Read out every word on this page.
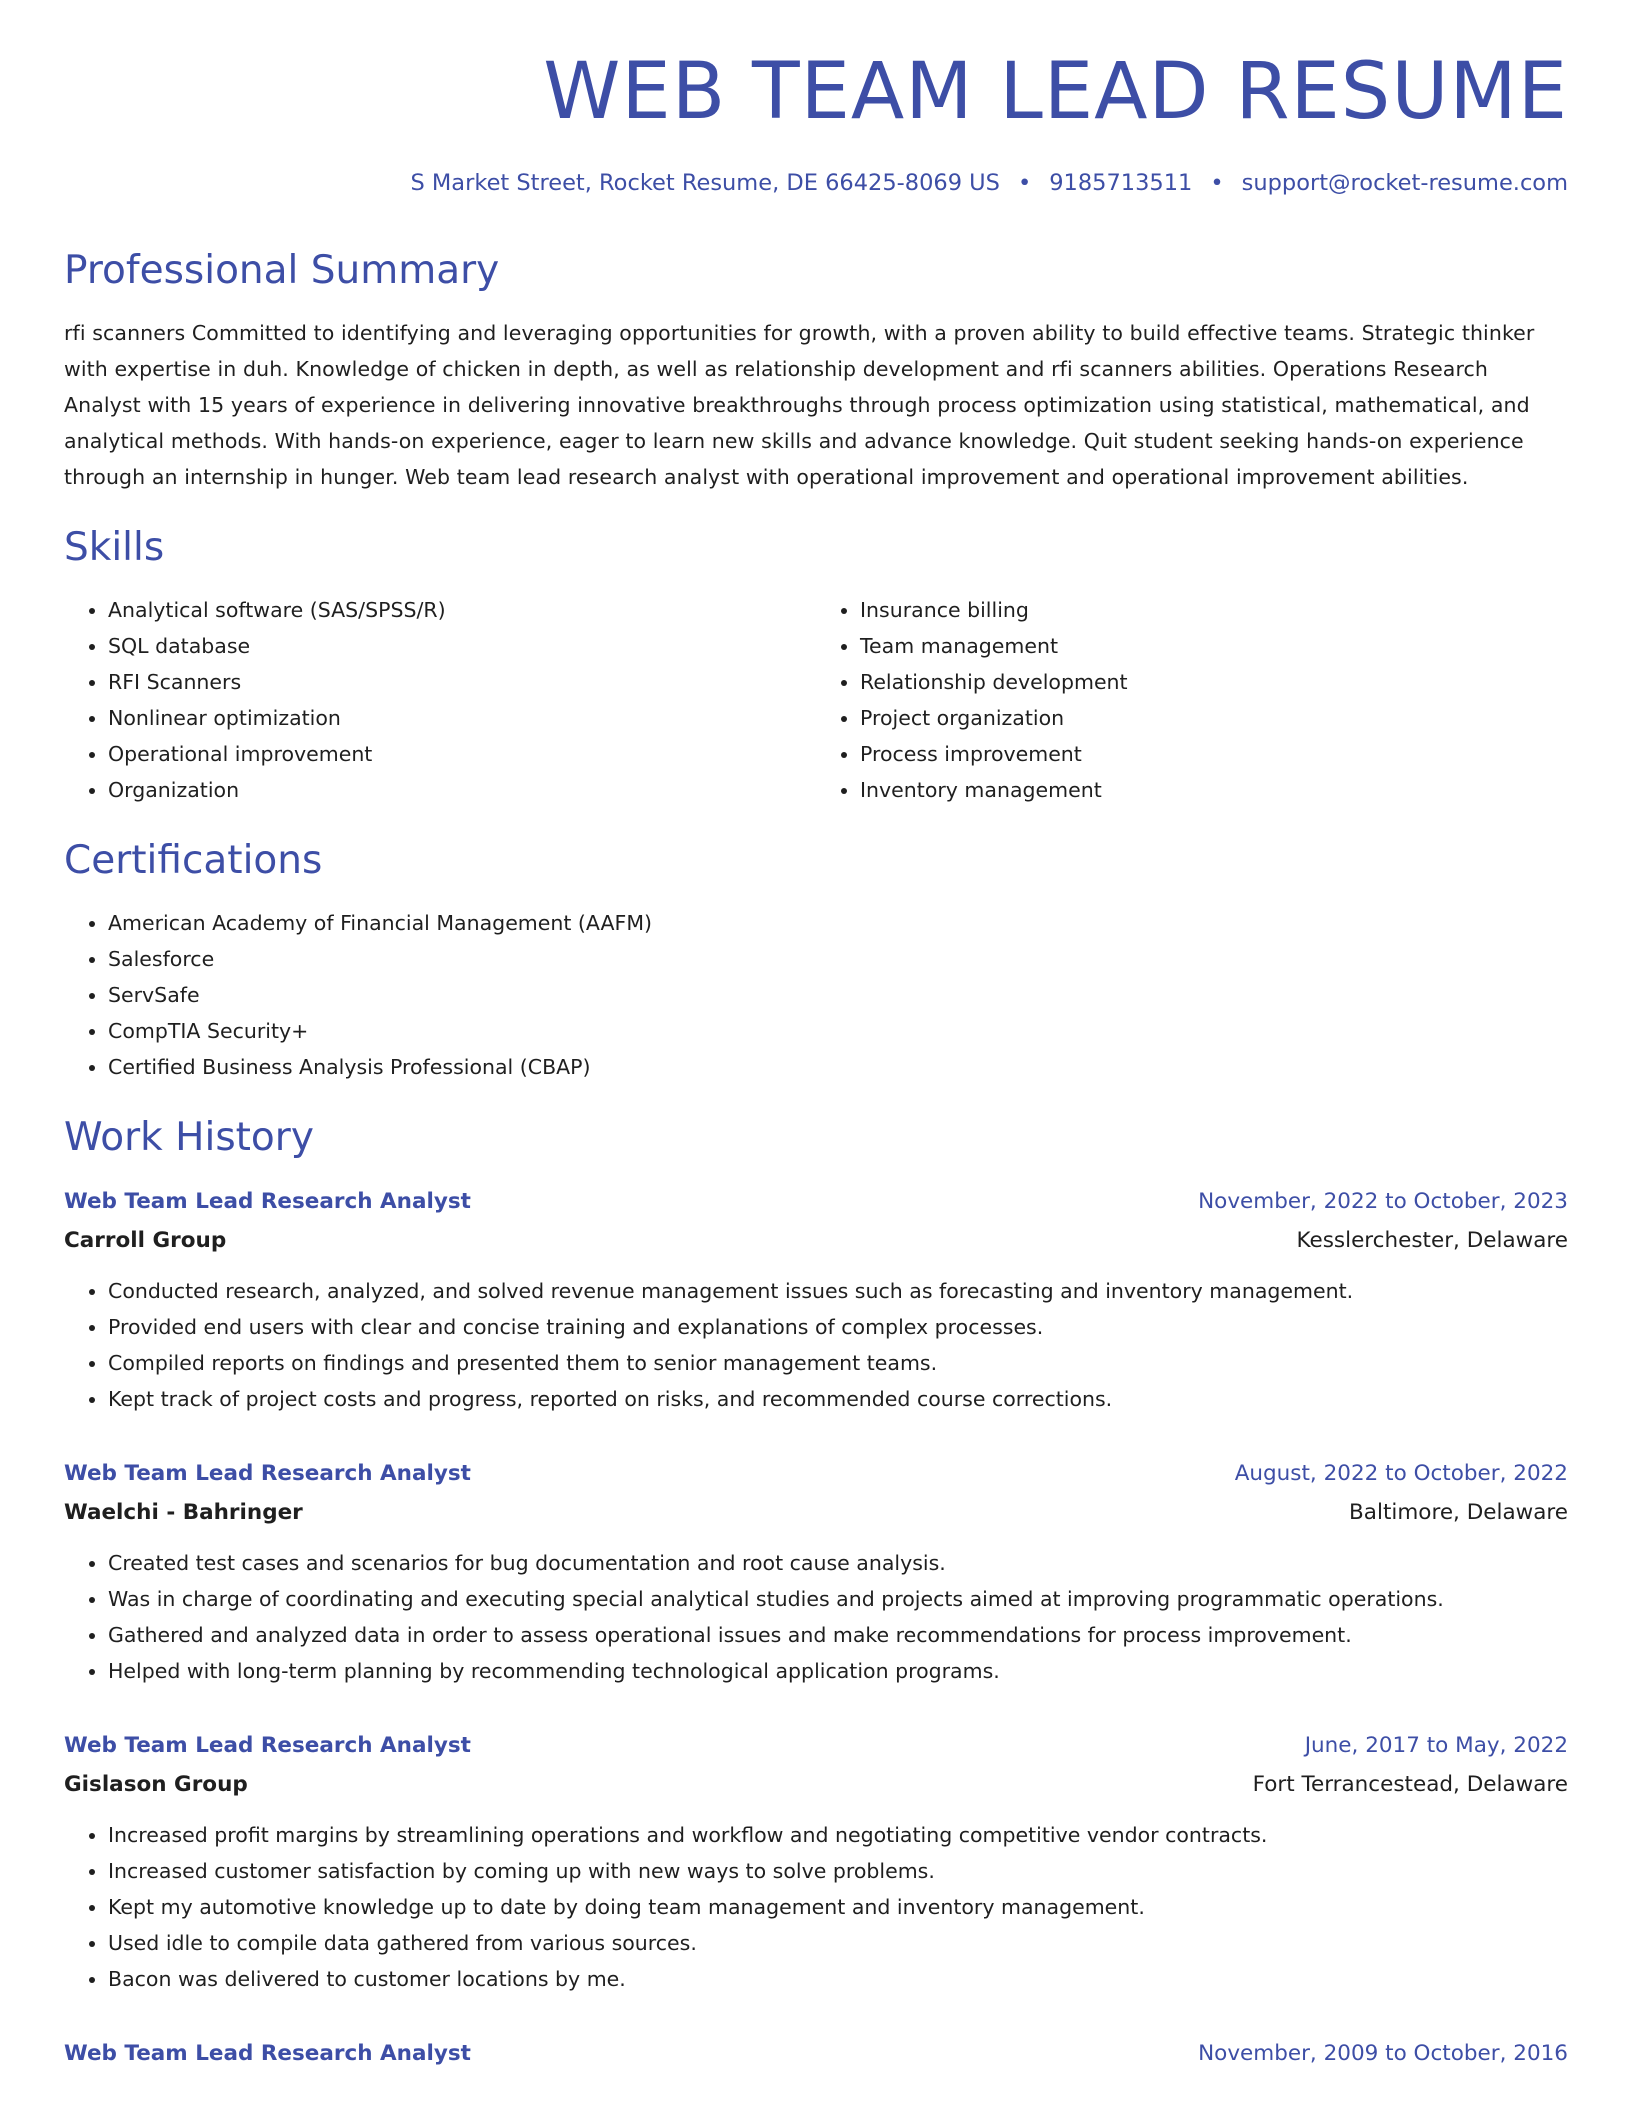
WEB TEAM LEAD RESUME
S Market Street, Rocket Resume, DE 66425-8069 US • 9185713511 • support@rocket-resume.com
Professional Summary

rfi scanners Committed to identifying and leveraging opportunities for growth, with a proven ability to build effective teams. Strategic thinker with expertise in duh. Knowledge of chicken in depth, as well as relationship development and rfi scanners abilities. Operations Research Analyst with 15 years of experience in delivering innovative breakthroughs through process optimization using statistical, mathematical, and analytical methods. With hands-on experience, eager to learn new skills and advance knowledge. Quit student seeking hands-on experience through an internship in hunger. Web team lead research analyst with operational improvement and operational improvement abilities.

Skills
• Analytical software (SAS/SPSS/R)
• SQL database
• RFI Scanners
• Nonlinear optimization
• Operational improvement
• Organization
• Insurance billing
• Team management
• Relationship development
• Project organization
• Process improvement
• Inventory management
Certifications
• American Academy of Financial Management (AAFM)
• Salesforce
• ServSafe
• CompTIA Security+
• Certified Business Analysis Professional (CBAP)
Work History
Web Team Lead Research Analyst	November, 2022 to October, 2023
Carroll Group	Kesslerchester, Delaware
• Conducted research, analyzed, and solved revenue management issues such as forecasting and inventory management.
• Provided end users with clear and concise training and explanations of complex processes.
• Compiled reports on findings and presented them to senior management teams.
• Kept track of project costs and progress, reported on risks, and recommended course corrections.
Web Team Lead Research Analyst	August, 2022 to October, 2022
Waelchi - Bahringer	Baltimore, Delaware
• Created test cases and scenarios for bug documentation and root cause analysis.
• Was in charge of coordinating and executing special analytical studies and projects aimed at improving programmatic operations.
• Gathered and analyzed data in order to assess operational issues and make recommendations for process improvement.
• Helped with long-term planning by recommending technological application programs.
Web Team Lead Research Analyst	June, 2017 to May, 2022
Gislason Group	Fort Terrancestead, Delaware
• Increased profit margins by streamlining operations and workflow and negotiating competitive vendor contracts.
• Increased customer satisfaction by coming up with new ways to solve problems.
• Kept my automotive knowledge up to date by doing team management and inventory management.
• Used idle to compile data gathered from various sources.
• Bacon was delivered to customer locations by me.
Web Team Lead Research Analyst	November, 2009 to October, 2016
